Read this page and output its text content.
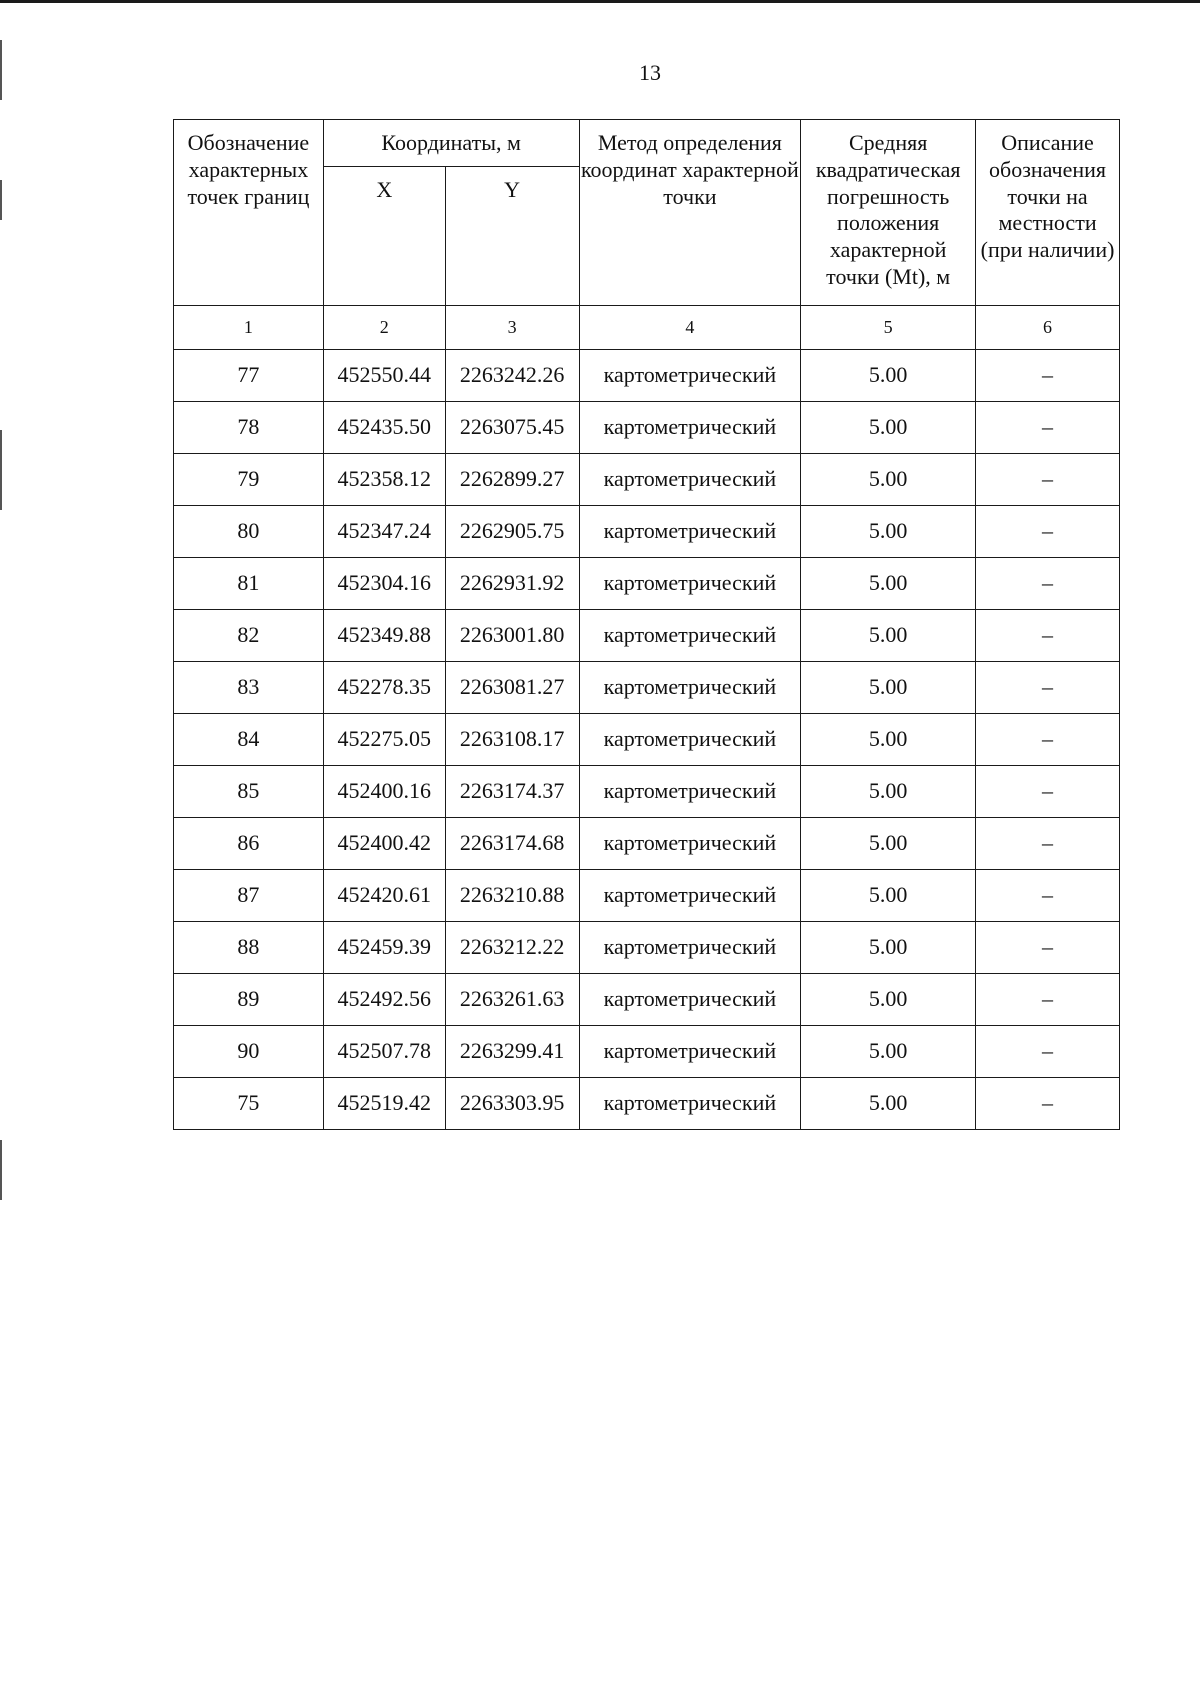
13
Обозначение характерных точек границ	Координаты, м		Метод определения координат характерной точки	Средняя квадратическая погрешность положения характерной точки (Mt), м	Описание обозначения точки на местности (при наличии)
	X	Y			
1	2	3	4	5	6
77	452550.44	2263242.26	картометрический	5.00	–
78	452435.50	2263075.45	картометрический	5.00	–
79	452358.12	2262899.27	картометрический	5.00	–
80	452347.24	2262905.75	картометрический	5.00	–
81	452304.16	2262931.92	картометрический	5.00	–
82	452349.88	2263001.80	картометрический	5.00	–
83	452278.35	2263081.27	картометрический	5.00	–
84	452275.05	2263108.17	картометрический	5.00	–
85	452400.16	2263174.37	картометрический	5.00	–
86	452400.42	2263174.68	картометрический	5.00	–
87	452420.61	2263210.88	картометрический	5.00	–
88	452459.39	2263212.22	картометрический	5.00	–
89	452492.56	2263261.63	картометрический	5.00	–
90	452507.78	2263299.41	картометрический	5.00	–
75	452519.42	2263303.95	картометрический	5.00	–
